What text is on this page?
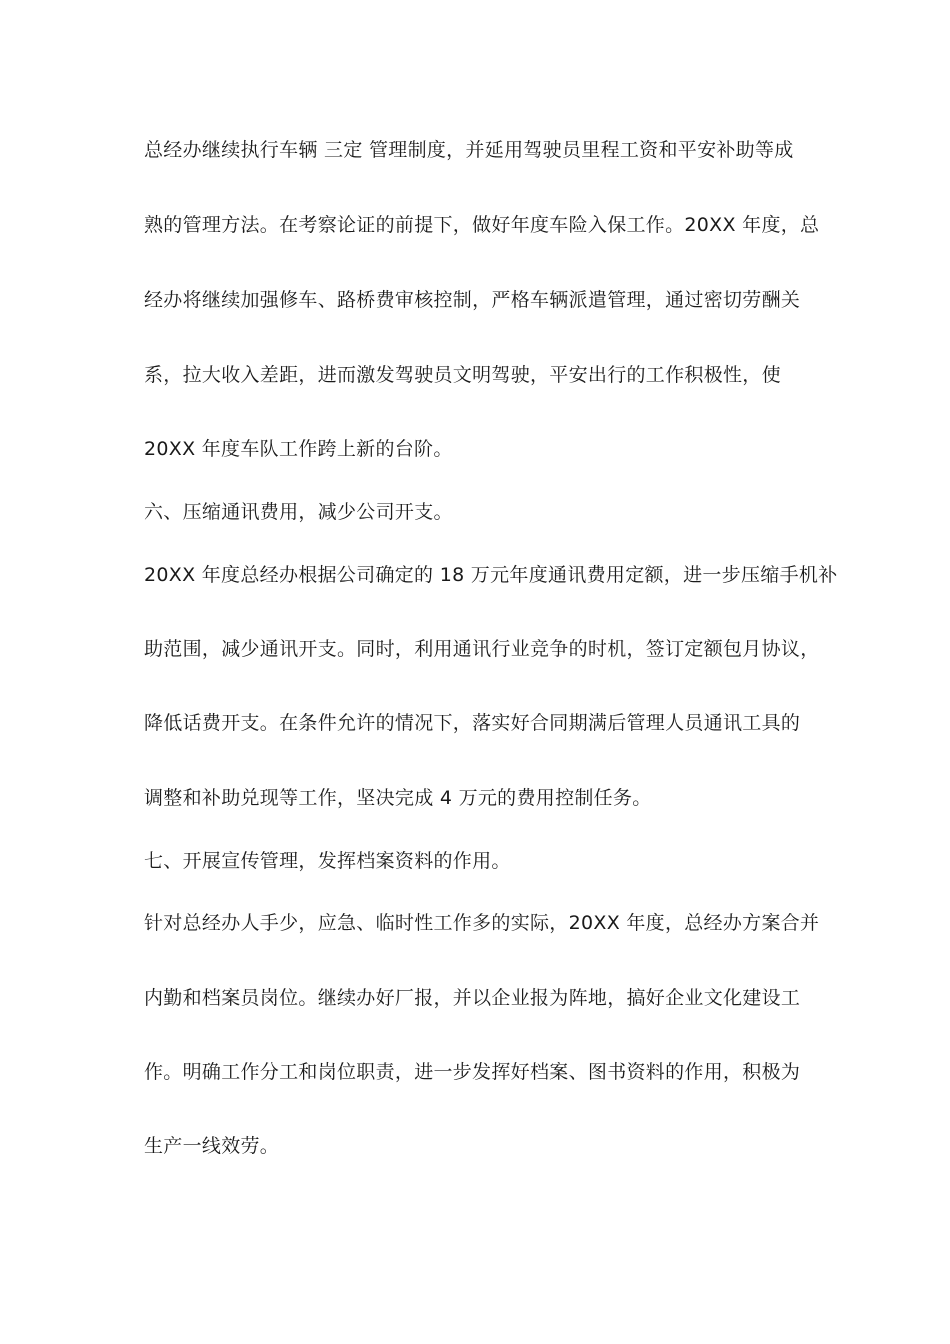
总经办继续执行车辆 三定 管理制度，并延用驾驶员里程工资和平安补助等成
熟的管理方法。在考察论证的前提下，做好年度车险入保工作。20XX 年度，总
经办将继续加强修车、路桥费审核控制，严格车辆派遣管理，通过密切劳酬关
系，拉大收入差距，进而激发驾驶员文明驾驶，平安出行的工作积极性，使
20XX 年度车队工作跨上新的台阶。
六、压缩通讯费用，减少公司开支。
20XX 年度总经办根据公司确定的 18 万元年度通讯费用定额，进一步压缩手机补
助范围，减少通讯开支。同时，利用通讯行业竞争的时机，签订定额包月协议，
降低话费开支。在条件允许的情况下，落实好合同期满后管理人员通讯工具的
调整和补助兑现等工作，坚决完成 4 万元的费用控制任务。
七、开展宣传管理，发挥档案资料的作用。
针对总经办人手少，应急、临时性工作多的实际，20XX 年度，总经办方案合并
内勤和档案员岗位。继续办好厂报，并以企业报为阵地，搞好企业文化建设工
作。明确工作分工和岗位职责，进一步发挥好档案、图书资料的作用，积极为
生产一线效劳。
